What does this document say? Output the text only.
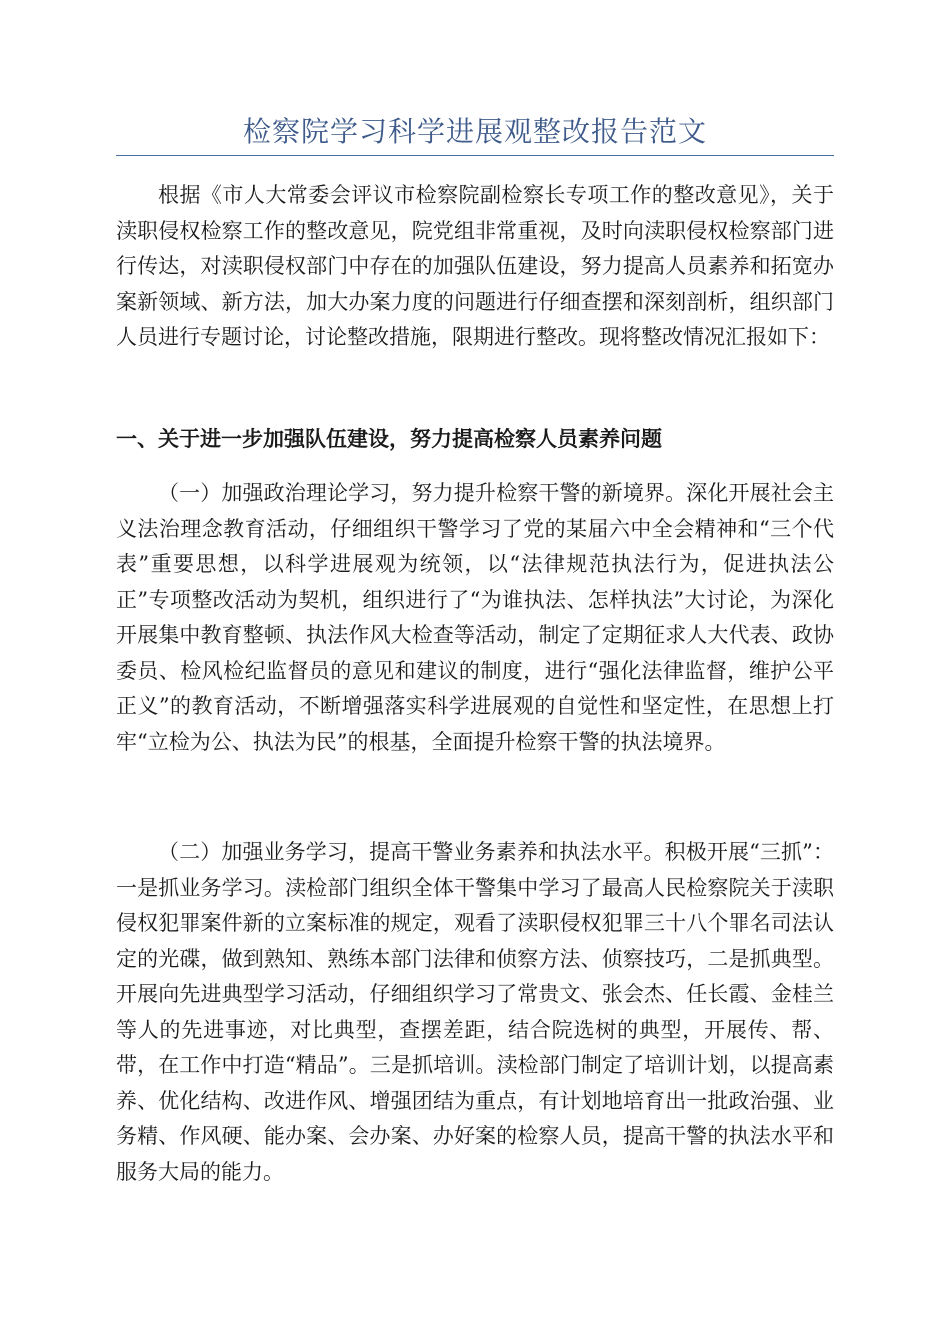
检察院学习科学进展观整改报告范文

根据《市人大常委会评议市检察院副检察长专项工作的整改意见》，关于渎职侵权检察工作的整改意见，院党组非常重视，及时向渎职侵权检察部门进行传达，对渎职侵权部门中存在的加强队伍建设，努力提高人员素养和拓宽办案新领域、新方法，加大办案力度的问题进行仔细查摆和深刻剖析，组织部门人员进行专题讨论，讨论整改措施，限期进行整改。现将整改情况汇报如下：

一、关于进一步加强队伍建设，努力提高检察人员素养问题

（一）加强政治理论学习，努力提升检察干警的新境界。深化开展社会主义法治理念教育活动，仔细组织干警学习了党的某届六中全会精神和“三个代表”重要思想，以科学进展观为统领，以“法律规范执法行为，促进执法公正”专项整改活动为契机，组织进行了“为谁执法、怎样执法”大讨论，为深化开展集中教育整顿、执法作风大检查等活动，制定了定期征求人大代表、政协委员、检风检纪监督员的意见和建议的制度，进行“强化法律监督，维护公平正义”的教育活动，不断增强落实科学进展观的自觉性和坚定性，在思想上打牢“立检为公、执法为民”的根基，全面提升检察干警的执法境界。

（二）加强业务学习，提高干警业务素养和执法水平。积极开展“三抓”：一是抓业务学习。渎检部门组织全体干警集中学习了最高人民检察院关于渎职侵权犯罪案件新的立案标准的规定，观看了渎职侵权犯罪三十八个罪名司法认定的光碟，做到熟知、熟练本部门法律和侦察方法、侦察技巧，二是抓典型。开展向先进典型学习活动，仔细组织学习了常贵文、张会杰、任长霞、金桂兰等人的先进事迹，对比典型，查摆差距，结合院选树的典型，开展传、帮、带，在工作中打造“精品”。三是抓培训。渎检部门制定了培训计划，以提高素养、优化结构、改进作风、增强团结为重点，有计划地培育出一批政治强、业务精、作风硬、能办案、会办案、办好案的检察人员，提高干警的执法水平和服务大局的能力。
